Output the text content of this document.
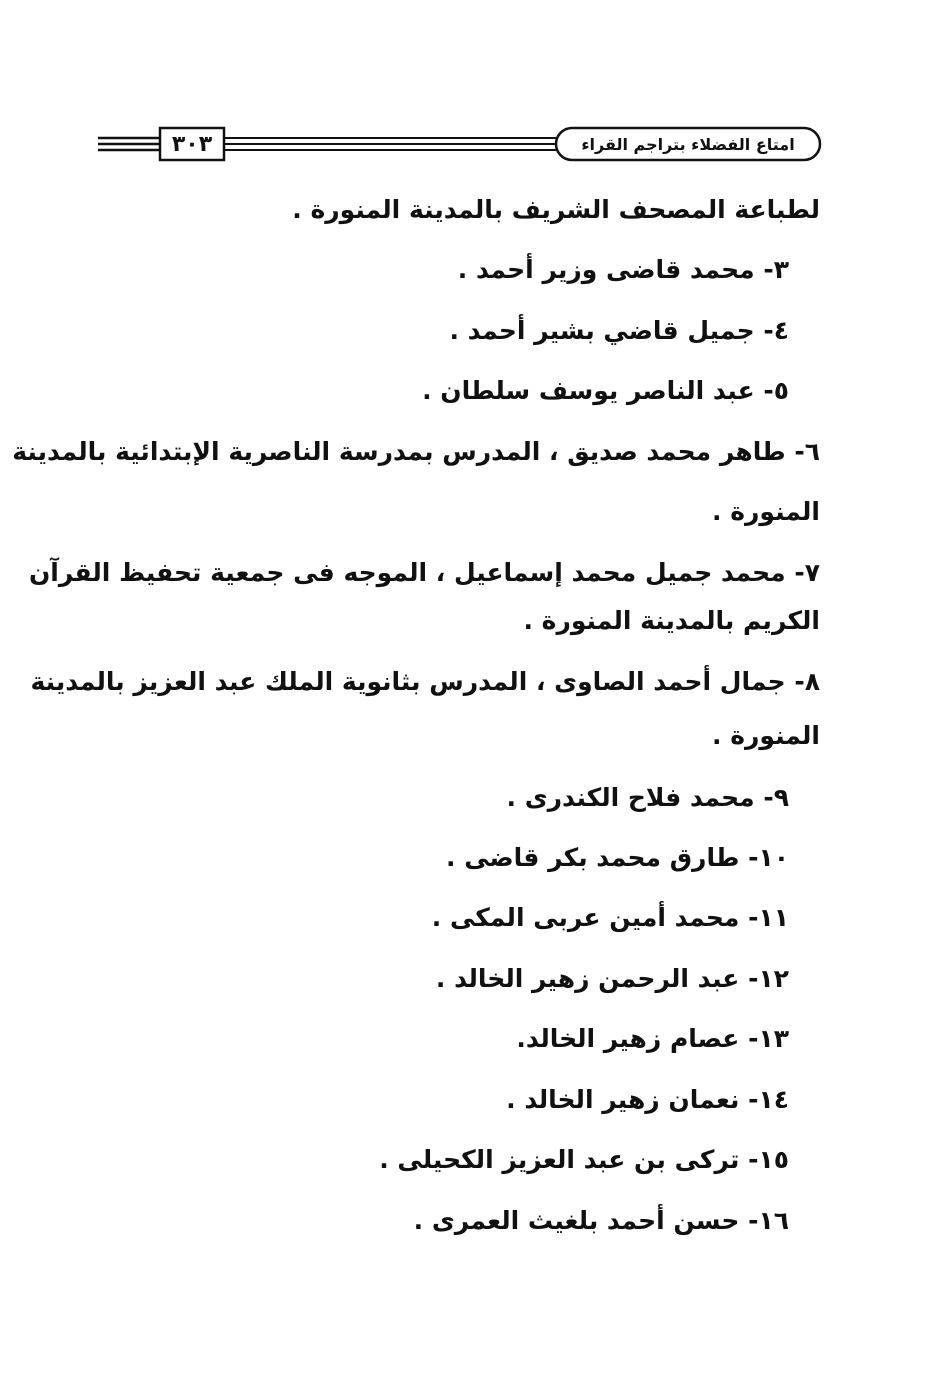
٣٠٣	امتاع الفضلاء بتراجم القراء
لطباعة المصحف الشريف بالمدينة المنورة .
٣- محمد قاضى وزير أحمد .
٤- جميل قاضي بشير أحمد .
٥- عبد الناصر يوسف سلطان .
٦- طاهر محمد صديق ، المدرس بمدرسة الناصرية الإبتدائية بالمدينة
المنورة .
٧- محمد جميل محمد إسماعيل ، الموجه فى جمعية تحفيظ القرآن
الكريم بالمدينة المنورة .
٨- جمال أحمد الصاوى ، المدرس بثانوية الملك عبد العزيز بالمدينة
المنورة .
٩- محمد فلاح الكندرى .
١٠- طارق محمد بكر قاضى .
١١- محمد أمين عربى المكى .
١٢- عبد الرحمن زهير الخالد .
١٣- عصام زهير الخالد.
١٤- نعمان زهير الخالد .
١٥- تركى بن عبد العزيز الكحيلى .
١٦- حسن أحمد بلغيث العمرى .
